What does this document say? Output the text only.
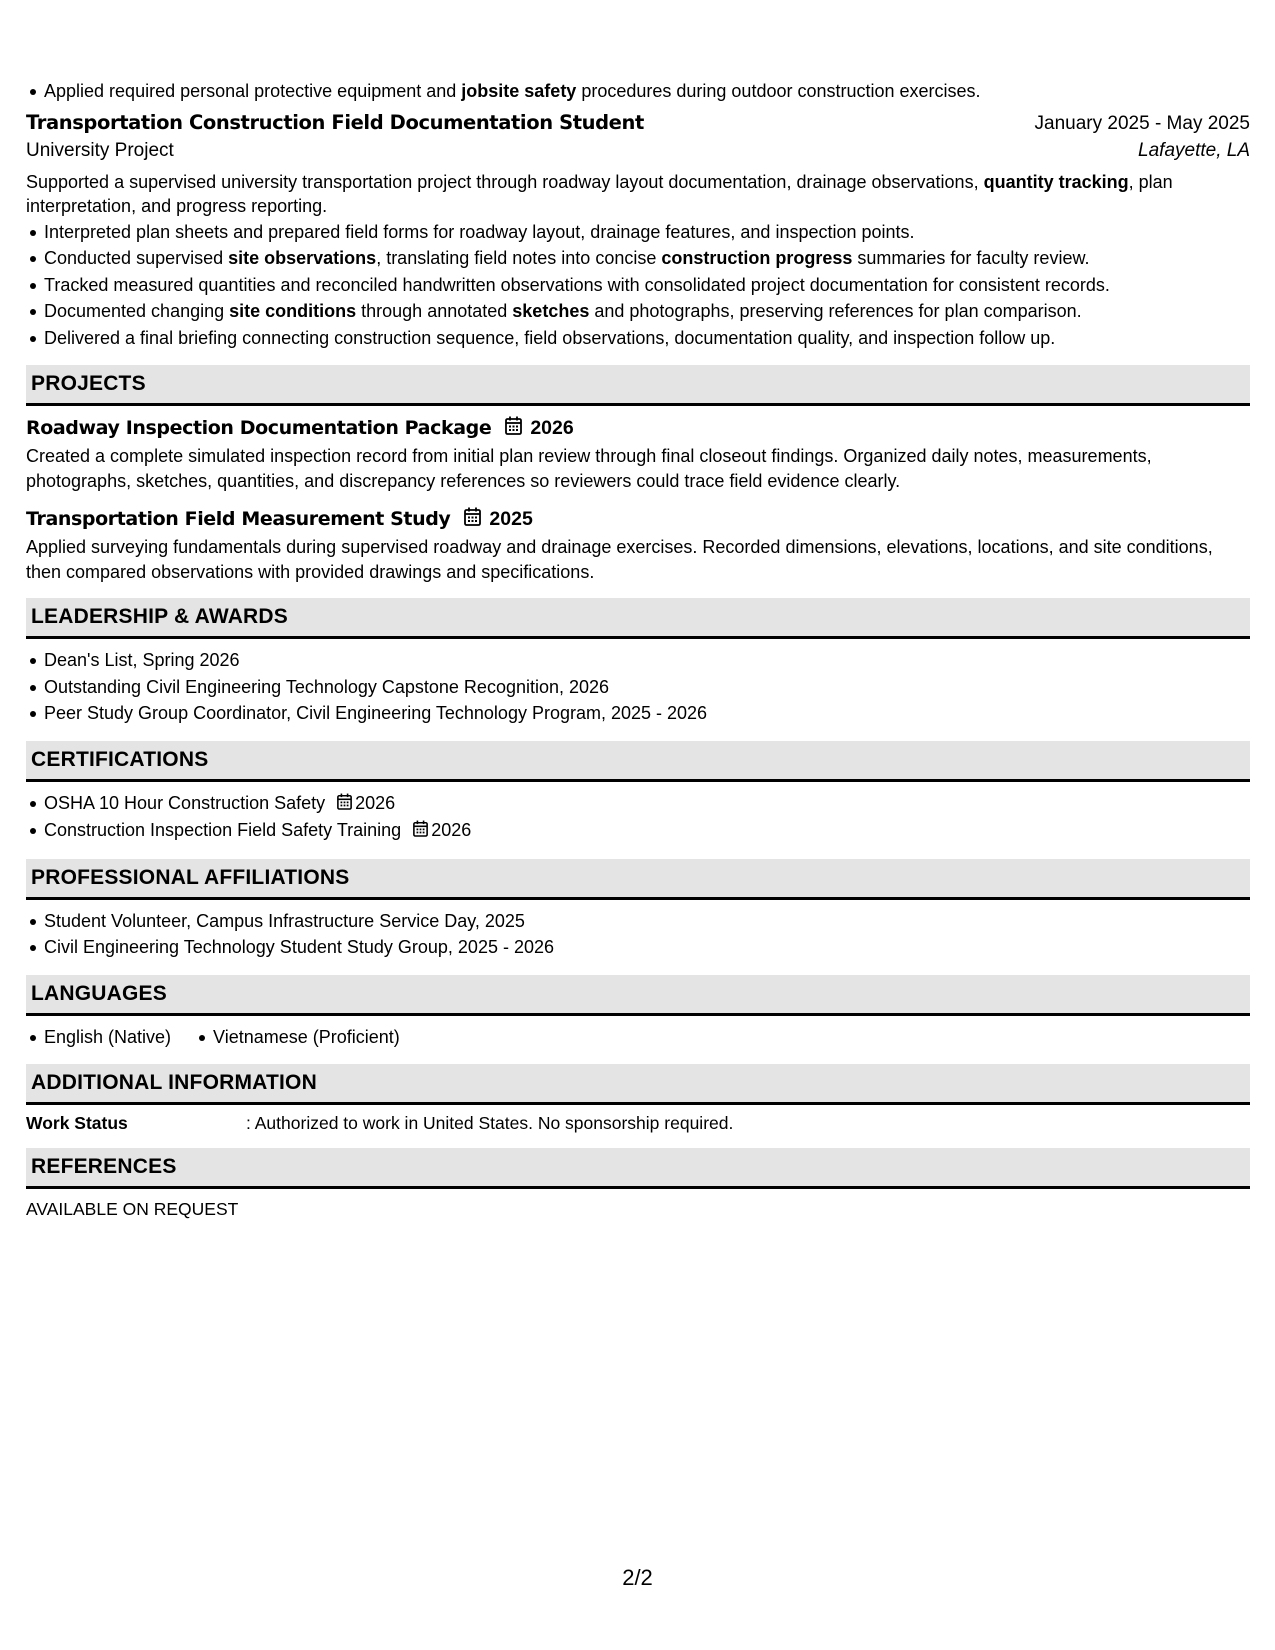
Applied required personal protective equipment and jobsite safety procedures during outdoor construction exercises.
Transportation Construction Field Documentation Student	January 2025 - May 2025
University Project	Lafayette, LA
Supported a supervised university transportation project through roadway layout documentation, drainage observations, quantity tracking, plan interpretation, and progress reporting.
Interpreted plan sheets and prepared field forms for roadway layout, drainage features, and inspection points.
Conducted supervised site observations, translating field notes into concise construction progress summaries for faculty review.
Tracked measured quantities and reconciled handwritten observations with consolidated project documentation for consistent records.
Documented changing site conditions through annotated sketches and photographs, preserving references for plan comparison.
Delivered a final briefing connecting construction sequence, field observations, documentation quality, and inspection follow up.
PROJECTS
Roadway Inspection Documentation Package 2026
Created a complete simulated inspection record from initial plan review through final closeout findings. Organized daily notes, measurements, photographs, sketches, quantities, and discrepancy references so reviewers could trace field evidence clearly.
Transportation Field Measurement Study 2025
Applied surveying fundamentals during supervised roadway and drainage exercises. Recorded dimensions, elevations, locations, and site conditions, then compared observations with provided drawings and specifications.
LEADERSHIP & AWARDS
Dean's List, Spring 2026
Outstanding Civil Engineering Technology Capstone Recognition, 2026
Peer Study Group Coordinator, Civil Engineering Technology Program, 2025 - 2026
CERTIFICATIONS
OSHA 10 Hour Construction Safety 2026
Construction Inspection Field Safety Training 2026
PROFESSIONAL AFFILIATIONS
Student Volunteer, Campus Infrastructure Service Day, 2025
Civil Engineering Technology Student Study Group, 2025 - 2026
LANGUAGES
English (Native)	Vietnamese (Proficient)
ADDITIONAL INFORMATION
Work Status	: Authorized to work in United States. No sponsorship required.
REFERENCES
AVAILABLE ON REQUEST
2/2
